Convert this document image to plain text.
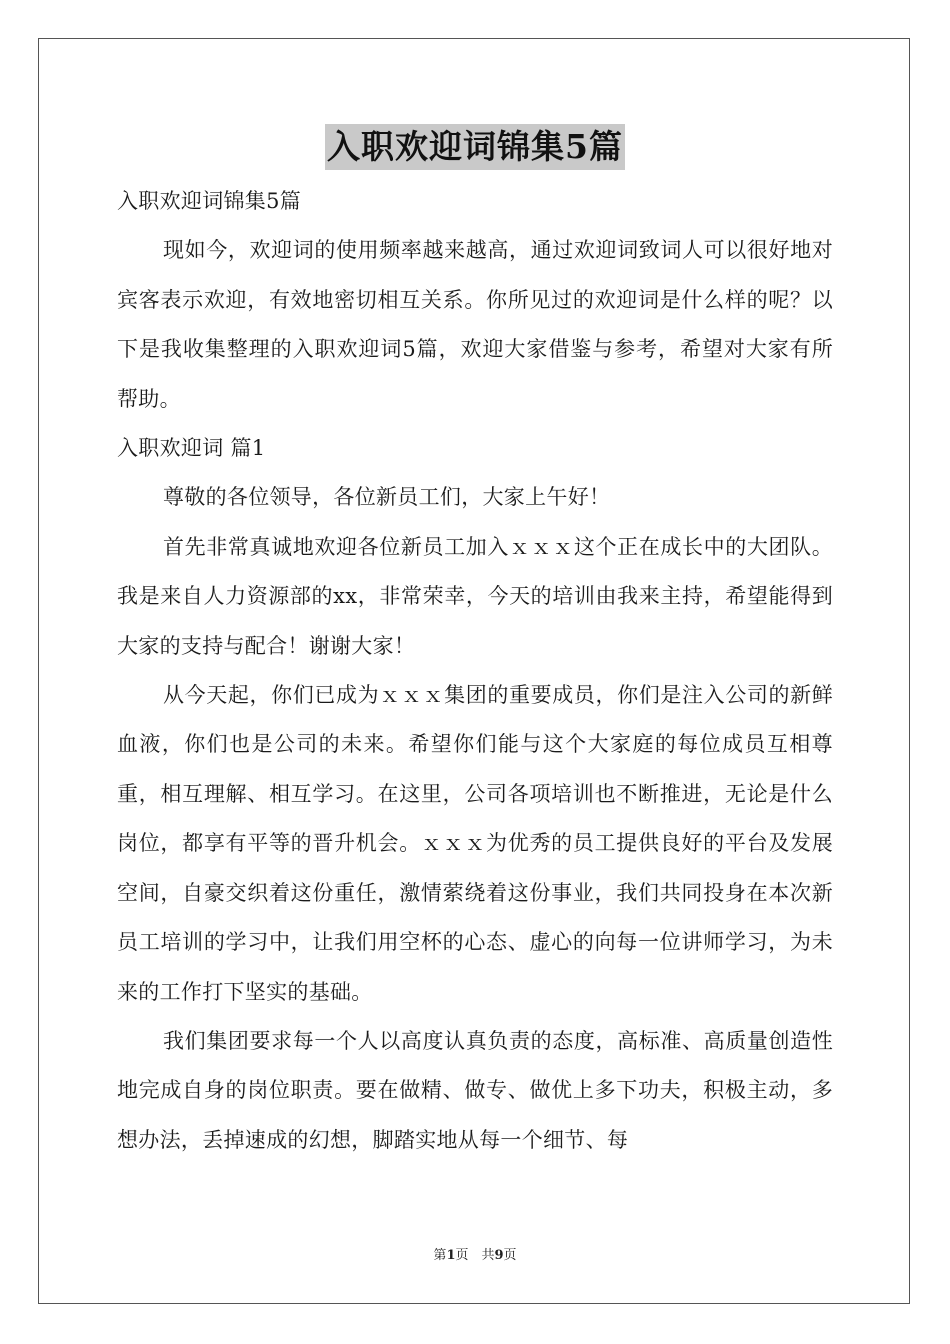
入职欢迎词锦集5篇

入职欢迎词锦集5篇

现如今，欢迎词的使用频率越来越高，通过欢迎词致词人可以很好地对宾客表示欢迎，有效地密切相互关系。你所见过的欢迎词是什么样的呢？以下是我收集整理的入职欢迎词5篇，欢迎大家借鉴与参考，希望对大家有所帮助。

入职欢迎词 篇1

尊敬的各位领导，各位新员工们，大家上午好！

首先非常真诚地欢迎各位新员工加入ｘｘｘ这个正在成长中的大团队。我是来自人力资源部的xx，非常荣幸，今天的培训由我来主持，希望能得到大家的支持与配合！谢谢大家！

从今天起，你们已成为ｘｘｘ集团的重要成员，你们是注入公司的新鲜血液，你们也是公司的未来。希望你们能与这个大家庭的每位成员互相尊重，相互理解、相互学习。在这里，公司各项培训也不断推进，无论是什么岗位，都享有平等的晋升机会。ｘｘｘ为优秀的员工提供良好的平台及发展空间，自豪交织着这份重任，激情萦绕着这份事业，我们共同投身在本次新员工培训的学习中，让我们用空杯的心态、虚心的向每一位讲师学习，为未来的工作打下坚实的基础。

我们集团要求每一个人以高度认真负责的态度，高标准、高质量创造性地完成自身的岗位职责。要在做精、做专、做优上多下功夫，积极主动，多想办法，丢掉速成的幻想，脚踏实地从每一个细节、每

第1页　共9页
